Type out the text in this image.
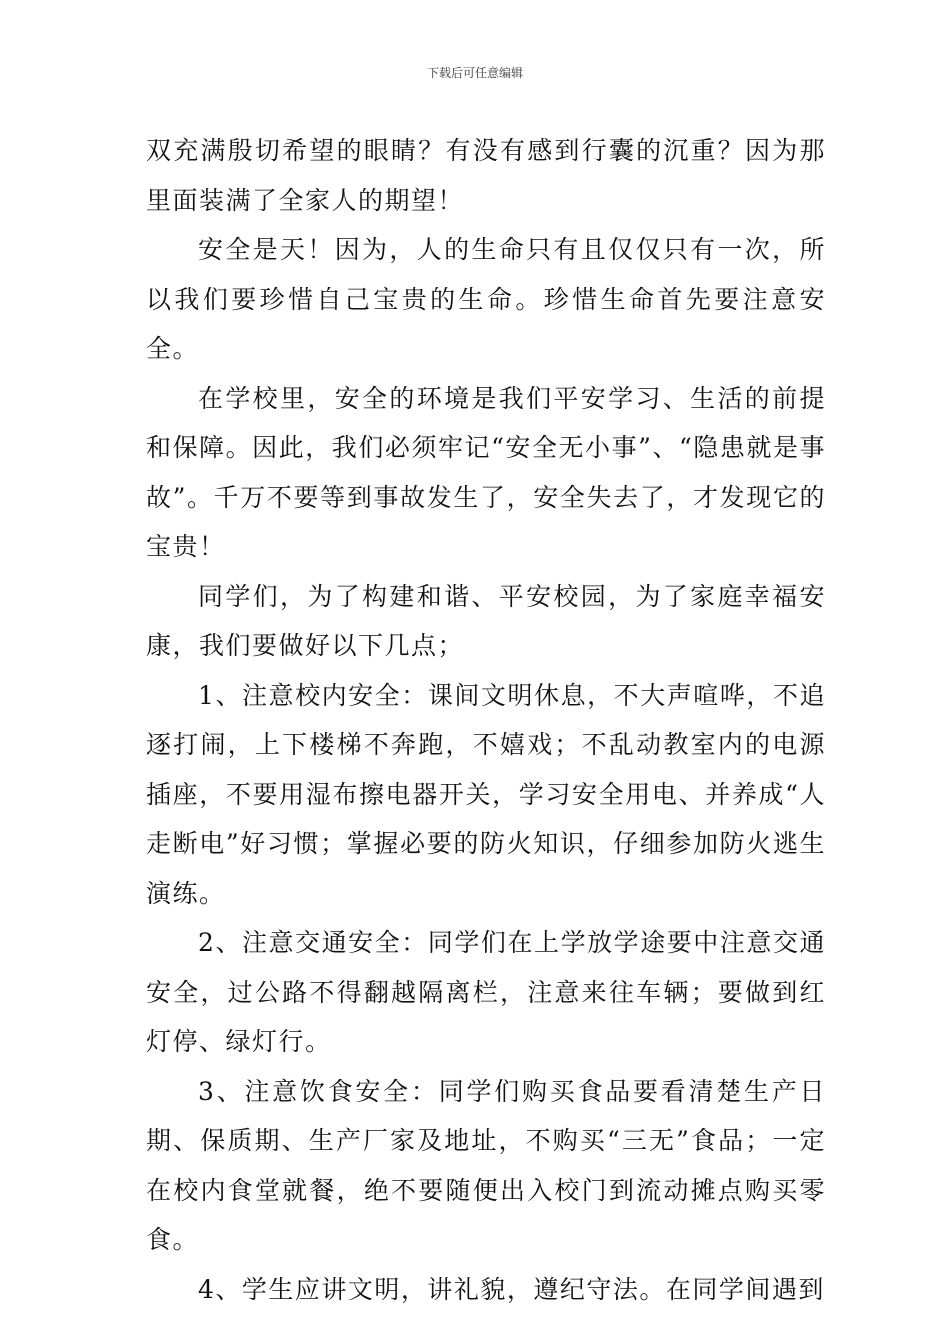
下载后可任意编辑

双充满殷切希望的眼睛？有没有感到行囊的沉重？因为那里面装满了全家人的期望！

安全是天！因为，人的生命只有且仅仅只有一次，所以我们要珍惜自己宝贵的生命。珍惜生命首先要注意安全。

在学校里，安全的环境是我们平安学习、生活的前提和保障。因此，我们必须牢记“安全无小事”、“隐患就是事故”。千万不要等到事故发生了，安全失去了，才发现它的宝贵！

同学们，为了构建和谐、平安校园，为了家庭幸福安康，我们要做好以下几点；

1、注意校内安全：课间文明休息，不大声喧哗，不追逐打闹，上下楼梯不奔跑，不嬉戏；不乱动教室内的电源插座，不要用湿布擦电器开关，学习安全用电、并养成“人走断电”好习惯；掌握必要的防火知识，仔细参加防火逃生演练。

2、注意交通安全：同学们在上学放学途要中注意交通安全，过公路不得翻越隔离栏，注意来往车辆；要做到红灯停、绿灯行。

3、注意饮食安全：同学们购买食品要看清楚生产日期、保质期、生产厂家及地址，不购买“三无”食品；一定在校内食堂就餐，绝不要随便出入校门到流动摊点购买零食。

4、学生应讲文明，讲礼貌，遵纪守法。在同学间遇到
